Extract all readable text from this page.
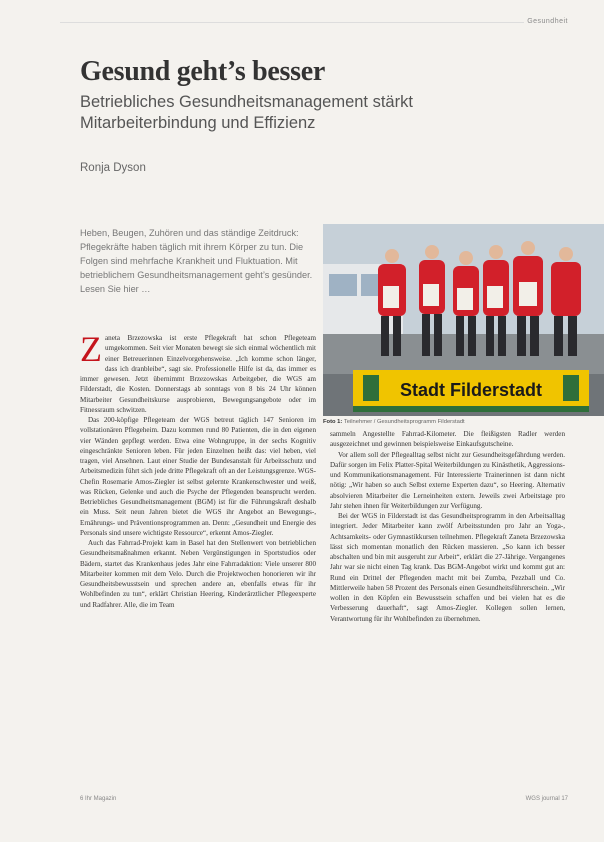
Gesundheit
Gesund geht’s besser
Betriebliches Gesundheitsmanagement stärkt Mitarbeiterbindung und Effizienz
Ronja Dyson
Heben, Beugen, Zuhören und das ständige Zeitdruck: Pflegekräfte haben täglich mit ihrem Körper zu tun. Die Folgen sind mehrfache Krankheit und Fluktuation. Mit betrieblichem Gesundheitsmanagement geht’s gesünder. Lesen Sie hier …
Stadt Filderstadt
Foto 1: Teilnehmer / Gesundheitsprogramm Filderstadt

Zaneta Brzezowska ist erste Pflegekraft hat schon Pflegeteam umgekommen. Seit vier Monaten bewegt sie sich einmal wöchentlich mit einer Betreuerinnen Einzelvorgehensweise. „Ich komme schon länger, dass ich dranbleibe“, sagt sie. Professionelle Hilfe ist da, das immer es immer gewesen. Jetzt übernimmt Brzezowskas Arbeitgeber, die WGS am Filderstadt, die Kosten. Donnerstags ab sonntags von 8 bis 24 Uhr können Mitarbeiter Gesundheitskurse ausprobieren, Bewegungsangebote oder im Fitnessraum schwitzen.

Das 200-köpfige Pflegeteam der WGS betreut täglich 147 Senioren im vollstationären Pflegeheim. Dazu kommen rund 80 Patienten, die in den eigenen vier Wänden gepflegt werden. Etwa eine Wohngruppe, in der sechs Kognitiv eingeschränkte Senioren leben. Für jeden Einzelnen heißt das: viel heben, viel tragen, viel Ansehnen. Laut einer Studie der Bundesanstalt für Arbeitsschutz und Arbeitsmedizin führt sich jede dritte Pflegekraft oft an der Leistungsgrenze. WGS-Chefin Rosemarie Amos-Ziegler ist selbst gelernte Krankenschwester und weiß, was Rücken, Gelenke und auch die Psyche der Pflegenden beansprucht werden. Betriebliches Gesundheitsmanagement (BGM) ist für die Führungskraft deshalb ein Muss. Seit neun Jahren bietet die WGS ihr Angebot an Bewegungs-, Ernährungs- und Präventionsprogrammen an. Denn: „Gesundheit und Energie des Personals sind unsere wichtigste Ressource“, erkennt Amos-Ziegler.

Auch das Fahrrad-Projekt kam in Basel hat den Stellenwert von betrieblichen Gesundheitsmaßnahmen erkannt. Neben Vergünstigungen in Sportstudios oder Bädern, startet das Krankenhaus jedes Jahr eine Fahrradaktion: Viele unserer 800 Mitarbeiter kommen mit dem Velo. Durch die Projektwochen honorieren wir ihr Gesundheitsbewusstsein und sprechen andere an, ebenfalls etwas für ihr Wohlbefinden zu tun“, erklärt Christian Heering, Kinderärztlicher Pflegeexperte und Radfahrer. Alle, die im Team

sammeln Angestellte Fahrrad-Kilometer. Die fleißigsten Radler werden ausgezeichnet und gewinnen beispielsweise Einkaufsgutscheine.

Vor allem soll der Pflegealltag selbst nicht zur Gesundheitsgefährdung werden. Dafür sorgen im Felix Platter-Spital Weiterbildungen zu Kinästhetik, Aggressions- und Kommunikationsmanagement. Für Interessierte Trainerinnen ist dann nicht nötig: „Wir haben so auch Selbst externe Experten dazu“, so Heering. Alternativ absolvieren Mitarbeiter die Lerneinheiten extern. Jeweils zwei Arbeitstage pro Jahr stehen ihnen für Weiterbildungen zur Verfügung.

Bei der WGS in Filderstadt ist das Gesundheitsprogramm in den Arbeitsalltag integriert. Jeder Mitarbeiter kann zwölf Arbeitsstunden pro Jahr an Yoga-, Achtsamkeits- oder Gymnastikkursen teilnehmen. Pflegekraft Zaneta Brzezowska lässt sich momentan monatlich den Rücken massieren. „So kann ich besser abschalten und bin mit ausgeruht zur Arbeit“, erklärt die 27-Jährige. Vergangenes Jahr war sie nicht einen Tag krank. Das BGM-Angebot wirkt und kommt gut an: Rund ein Drittel der Pflegenden macht mit bei Zumba, Pezzball und Co. Mittlerweile haben 58 Prozent des Personals einen Gesundheitsführerschein. „Wir wollen in den Köpfen ein Bewusstsein schaffen und bei vielen hat es die Verbesserung dauerhaft“, sagt Amos-Ziegler. Kollegen sollen lernen, Verantwortung für ihr Wohlbefinden zu übernehmen.

6 Ihr Magazin	WGS journal 17
